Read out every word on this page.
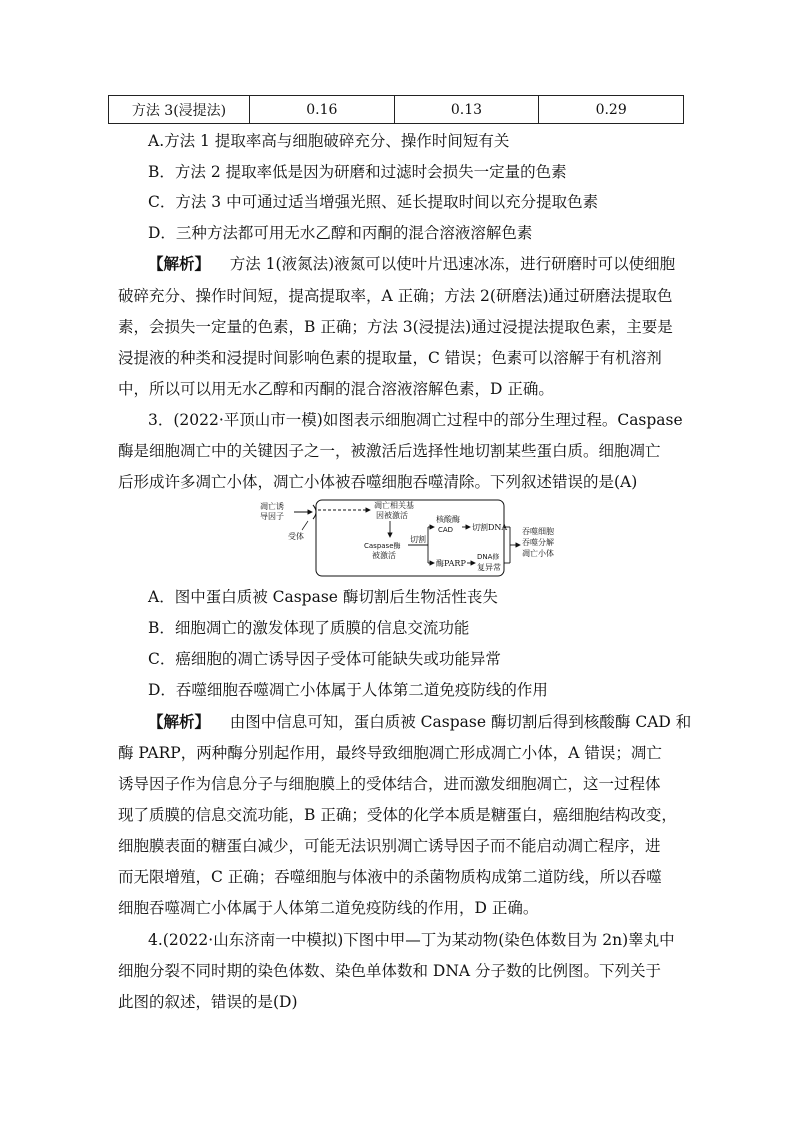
方法 3(浸提法)	0.16	0.13	0.29
A.方法 1 提取率高与细胞破碎充分、操作时间短有关
B．方法 2 提取率低是因为研磨和过滤时会损失一定量的色素
C．方法 3 中可通过适当增强光照、延长提取时间以充分提取色素
D．三种方法都可用无水乙醇和丙酮的混合溶液溶解色素
【解析】 方法 1(液氮法)液氮可以使叶片迅速冰冻，进行研磨时可以使细胞
破碎充分、操作时间短，提高提取率，A 正确；方法 2(研磨法)通过研磨法提取色
素，会损失一定量的色素，B 正确；方法 3(浸提法)通过浸提法提取色素，主要是
浸提液的种类和浸提时间影响色素的提取量，C 错误；色素可以溶解于有机溶剂
中，所以可以用无水乙醇和丙酮的混合溶液溶解色素，D 正确。
3．(2022·平顶山市一模)如图表示细胞凋亡过程中的部分生理过程。Caspase
酶是细胞凋亡中的关键因子之一，被激活后选择性地切割某些蛋白质。细胞凋亡
后形成许多凋亡小体，凋亡小体被吞噬细胞吞噬清除。下列叙述错误的是(A)
凋亡诱
导因子
受体
凋亡相关基
因被激活
Caspase酶
被激活
切割
核酸酶
CAD 切割DNA
酶PARP
DNA修
复异常
吞噬细胞
吞噬分解
凋亡小体
A．图中蛋白质被 Caspase 酶切割后生物活性丧失
B．细胞凋亡的激发体现了质膜的信息交流功能
C．癌细胞的凋亡诱导因子受体可能缺失或功能异常
D．吞噬细胞吞噬凋亡小体属于人体第二道免疫防线的作用
【解析】 由图中信息可知，蛋白质被 Caspase 酶切割后得到核酸酶 CAD 和
酶 PARP，两种酶分别起作用，最终导致细胞凋亡形成凋亡小体，A 错误；凋亡
诱导因子作为信息分子与细胞膜上的受体结合，进而激发细胞凋亡，这一过程体
现了质膜的信息交流功能，B 正确；受体的化学本质是糖蛋白，癌细胞结构改变，
细胞膜表面的糖蛋白减少，可能无法识别凋亡诱导因子而不能启动凋亡程序，进
而无限增殖，C 正确；吞噬细胞与体液中的杀菌物质构成第二道防线，所以吞噬
细胞吞噬凋亡小体属于人体第二道免疫防线的作用，D 正确。
4.(2022·山东济南一中模拟)下图中甲—丁为某动物(染色体数目为 2n)睾丸中
细胞分裂不同时期的染色体数、染色单体数和 DNA 分子数的比例图。下列关于
此图的叙述，错误的是(D)
